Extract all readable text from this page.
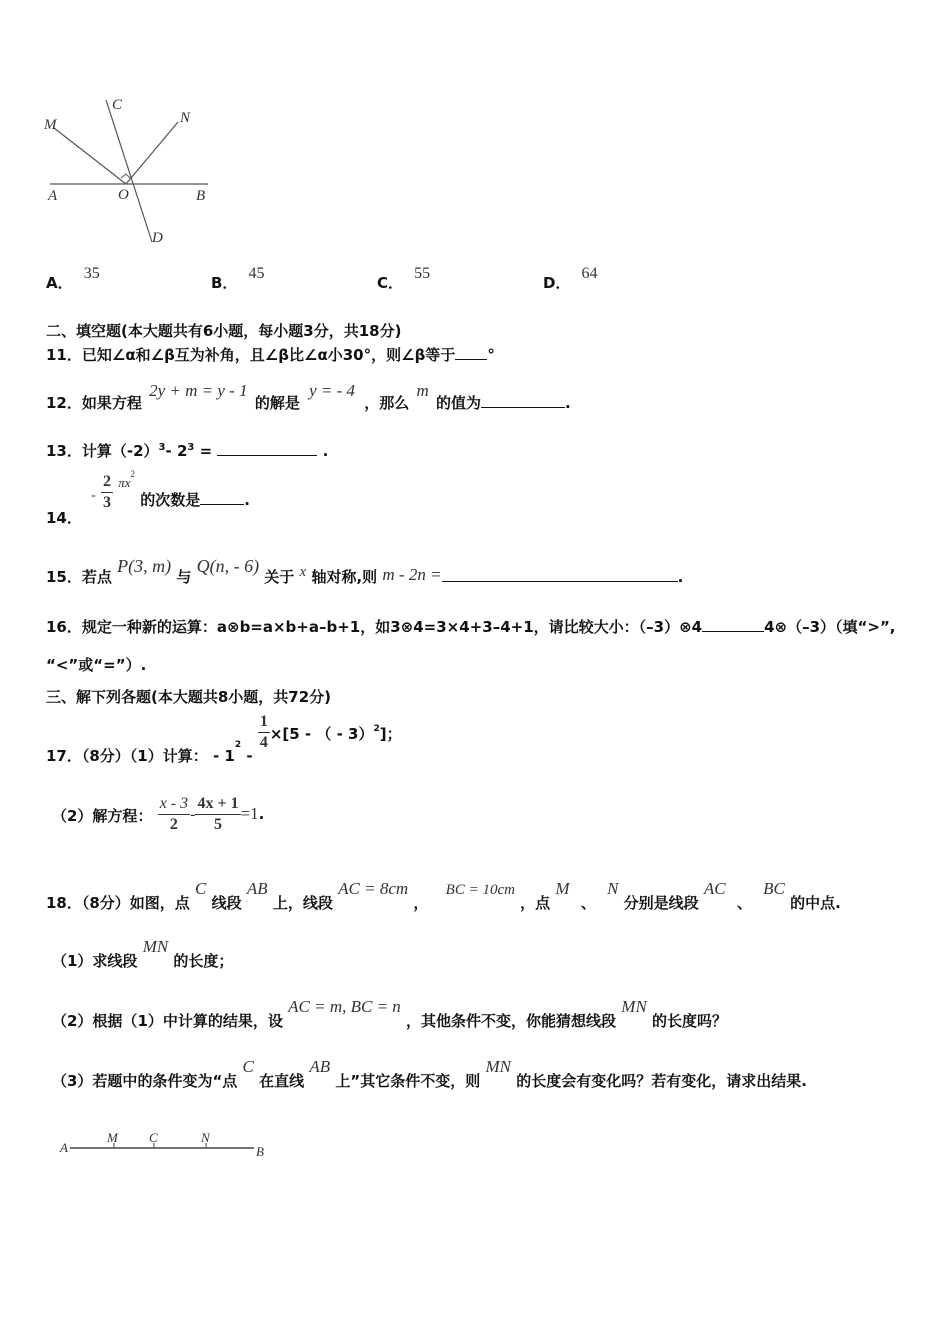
M
C
N
A	O	B
D
A． 35
B． 45
C． 55
D． 64
二、填空题(本大题共有6小题，每小题3分，共18分)
11．已知∠α和∠β互为补角，且∠β比∠α小30°，则∠β等于 °
12．如果方程 2y + m = y - 1 的解是 y = - 4 ，那么 m 的值为	.
13．计算$(-2)^3-$ $2^3$ =	.
14． - $\frac{2}{3} \pi x^2$ 的次数是	.
15．若点 P(3, m) 与 Q(n, - 6) 关于 x 轴对称,则 m - 2n =	.
16．规定一种新的运算：a⊗b=a×b+a–b+1，如3⊗4=3×4+3–4+1，请比较大小：（–3）⊗4	4⊗（–3）（填“>”,
“<”或“=”）.
三、解下列各题(本大题共8小题，共72分)
17．（8分）（1）计算： - $1^2$ -
$\frac{1}{4} \times[5$ - （ - 3）$^2$]；
（2）解方程： $\frac{x - 3}{2} - \frac{4x + 1}{5} =1$.
18．（8分）如图，点 C 线段 AB 上，线段 AC = 8cm ， BC = 10cm ，点 M 、 N 分别是线段 AC 、 BC 的中点.
（1）求线段 MN 的长度；
（2）根据（1）中计算的结果，设 AC = m, BC = n ，其他条件不变，你能猜想线段 MN 的长度吗？
（3）若题中的条件变为“点 C 在直线 AB 上”其它条件不变，则 MN 的长度会有变化吗？若有变化，请求出结果.
A
M C	N
B
